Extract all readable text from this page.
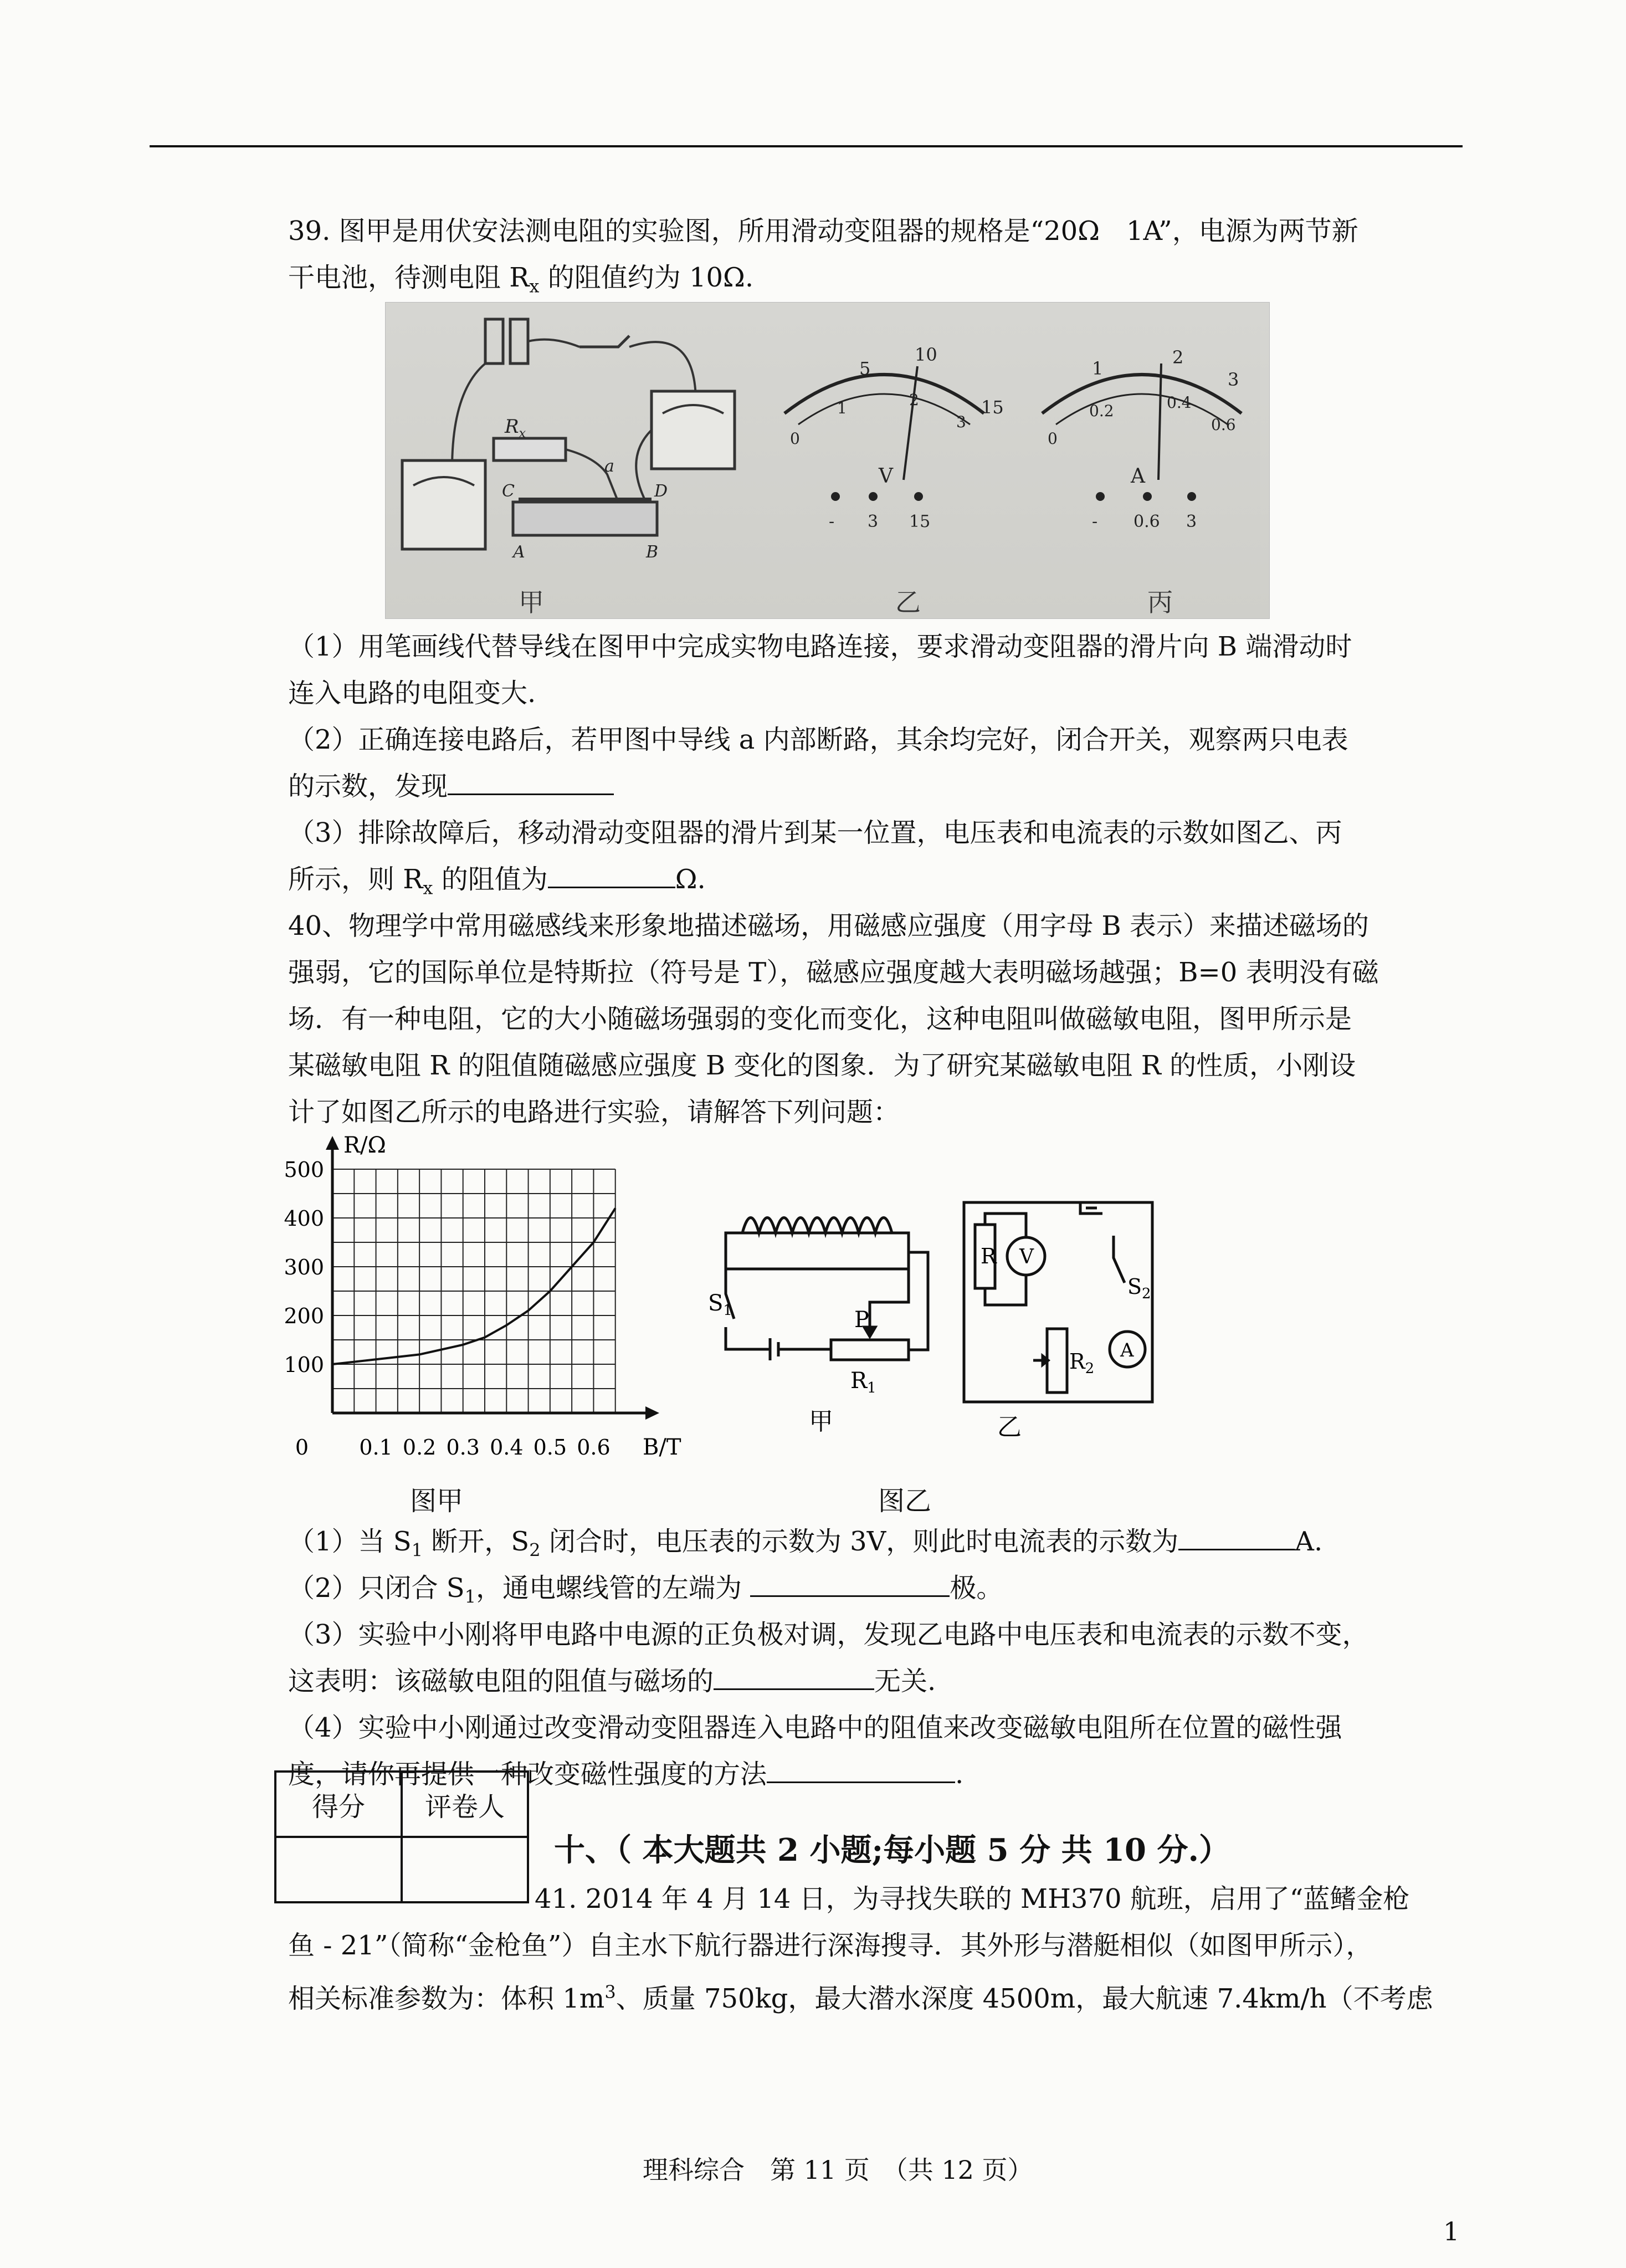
39. 图甲是用伏安法测电阻的实验图，所用滑动变阻器的规格是“20Ω　1A”，电源为两节新
干电池，待测电阻 $R_x$ 的阻值约为 10Ω.
$R_x$
C	D
A	B
a	V
5
10
15
0
1	2
3
- 3 15
A
1
2
3
0
0.2	0.4
0.6
- 0.6 3
甲	乙	丙
（1）用笔画线代替导线在图甲中完成实物电路连接，要求滑动变阻器的滑片向 B 端滑动时
连入电路的电阻变大.
（2）正确连接电路后，若甲图中导线 a 内部断路，其余均完好，闭合开关，观察两只电表
的示数，发现
（3）排除故障后，移动滑动变阻器的滑片到某一位置，电压表和电流表的示数如图乙、丙
所示，则 $R_x$ 的阻值为	Ω.
40、物理学中常用磁感线来形象地描述磁场，用磁感应强度（用字母 B 表示）来描述磁场的
强弱，它的国际单位是特斯拉（符号是 T），磁感应强度越大表明磁场越强；B=0 表明没有磁
场．有一种电阻，它的大小随磁场强弱的变化而变化，这种电阻叫做磁敏电阻，图甲所示是
某磁敏电阻 R 的阻值随磁感应强度 B 变化的图象．为了研究某磁敏电阻 R 的性质，小刚设
计了如图乙所示的电路进行实验，请解答下列问题：
R/Ω
B/T
100
200
300
400
500
0 0.1 0.2 0.3 0.4 0.5 0.6
图甲
$S_1$	P
$R_1$
甲
R V
$S_2$
$R_2$
A
乙
图乙
（1）当 $S_1$ 断开，$S_2$ 闭合时，电压表的示数为 3V，则此时电流表的示数为	A.
（2）只闭合 $S_1$，通电螺线管的左端为	极。
（3）实验中小刚将甲电路中电源的正负极对调，发现乙电路中电压表和电流表的示数不变，
这表明：该磁敏电阻的阻值与磁场的	无关.
（4）实验中小刚通过改变滑动变阻器连入电路中的阻值来改变磁敏电阻所在位置的磁性强
度，请你再提供一种改变磁性强度的方法	.
得分	评卷人

十、（ 本大题共 2 小题;每小题 5 分 共 10 分.）
41. 2014 年 4 月 14 日，为寻找失联的 MH370 航班，启用了“蓝鳍金枪
鱼 - 21”（简称“金枪鱼”）自主水下航行器进行深海搜寻．其外形与潜艇相似（如图甲所示），
相关标准参数为：体积 $1m^3$、质量 750kg，最大潜水深度 4500m，最大航速 7.4km/h（不考虑
理科综合　第 11 页　（共 12 页）
1
